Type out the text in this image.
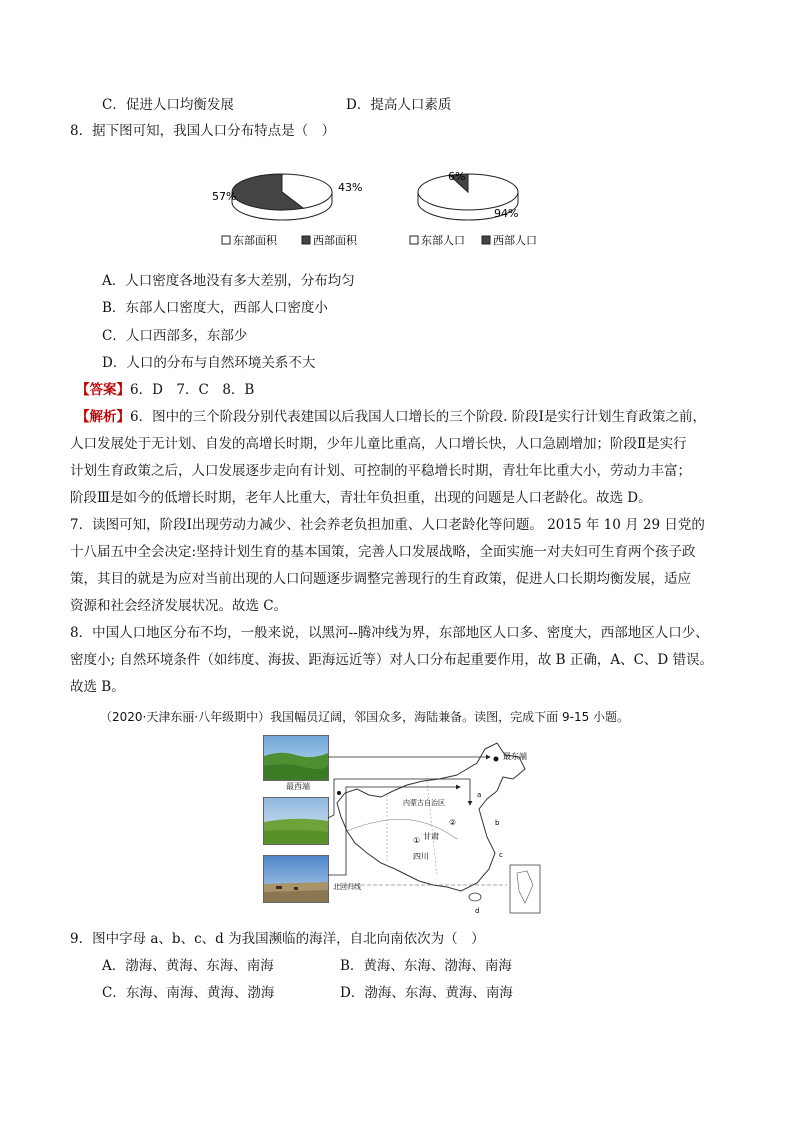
C．促进人口均衡发展	D．提高人口素质
8．据下图可知，我国人口分布特点是（　）
43%
57%
东部面积	西部面积
94%
6%
东部人口	西部人口
A．人口密度各地没有多大差别，分布均匀
B．东部人口密度大，西部人口密度小
C．人口西部多，东部少
D．人口的分布与自然环境关系不大
【答案】6．D　7．C　8．B
【解析】6．图中的三个阶段分别代表建国以后我国人口增长的三个阶段. 阶段Ⅰ是实行计划生育政策之前，
人口发展处于无计划、自发的高增长时期，少年儿童比重高，人口增长快，人口急剧增加；阶段Ⅱ是实行
计划生育政策之后，人口发展逐步走向有计划、可控制的平稳增长时期，青壮年比重大小，劳动力丰富；
阶段Ⅲ是如今的低增长时期，老年人比重大，青壮年负担重，出现的问题是人口老龄化。故选 D。
7．读图可知，阶段Ⅰ出现劳动力减少、社会养老负担加重、人口老龄化等问题。 2015 年 10 月 29 日党的
十八届五中全会决定:坚持计划生育的基本国策，完善人口发展战略，全面实施一对夫妇可生育两个孩子政
策，其目的就是为应对当前出现的人口问题逐步调整完善现行的生育政策，促进人口长期均衡发展，适应
资源和社会经济发展状况。故选 C。
8．中国人口地区分布不均，一般来说，以黑河--腾冲线为界，东部地区人口多、密度大，西部地区人口少、
密度小; 自然环境条件（如纬度、海拔、距海远近等）对人口分布起重要作用，故 B 正确，A、C、D 错误。
故选 B。
（2020·天津东丽·八年级期中）我国幅员辽阔，邻国众多，海陆兼备。读图，完成下面 9-15 小题。
最东端
内蒙古自治区
甘肃
四川
②
①
a
b
c
d
北回归线
最西端
9．图中字母 a、b、c、d 为我国濒临的海洋，自北向南依次为（　）
A．渤海、黄海、东海、南海	B．黄海、东海、渤海、南海
C．东海、南海、黄海、渤海	D．渤海、东海、黄海、南海
